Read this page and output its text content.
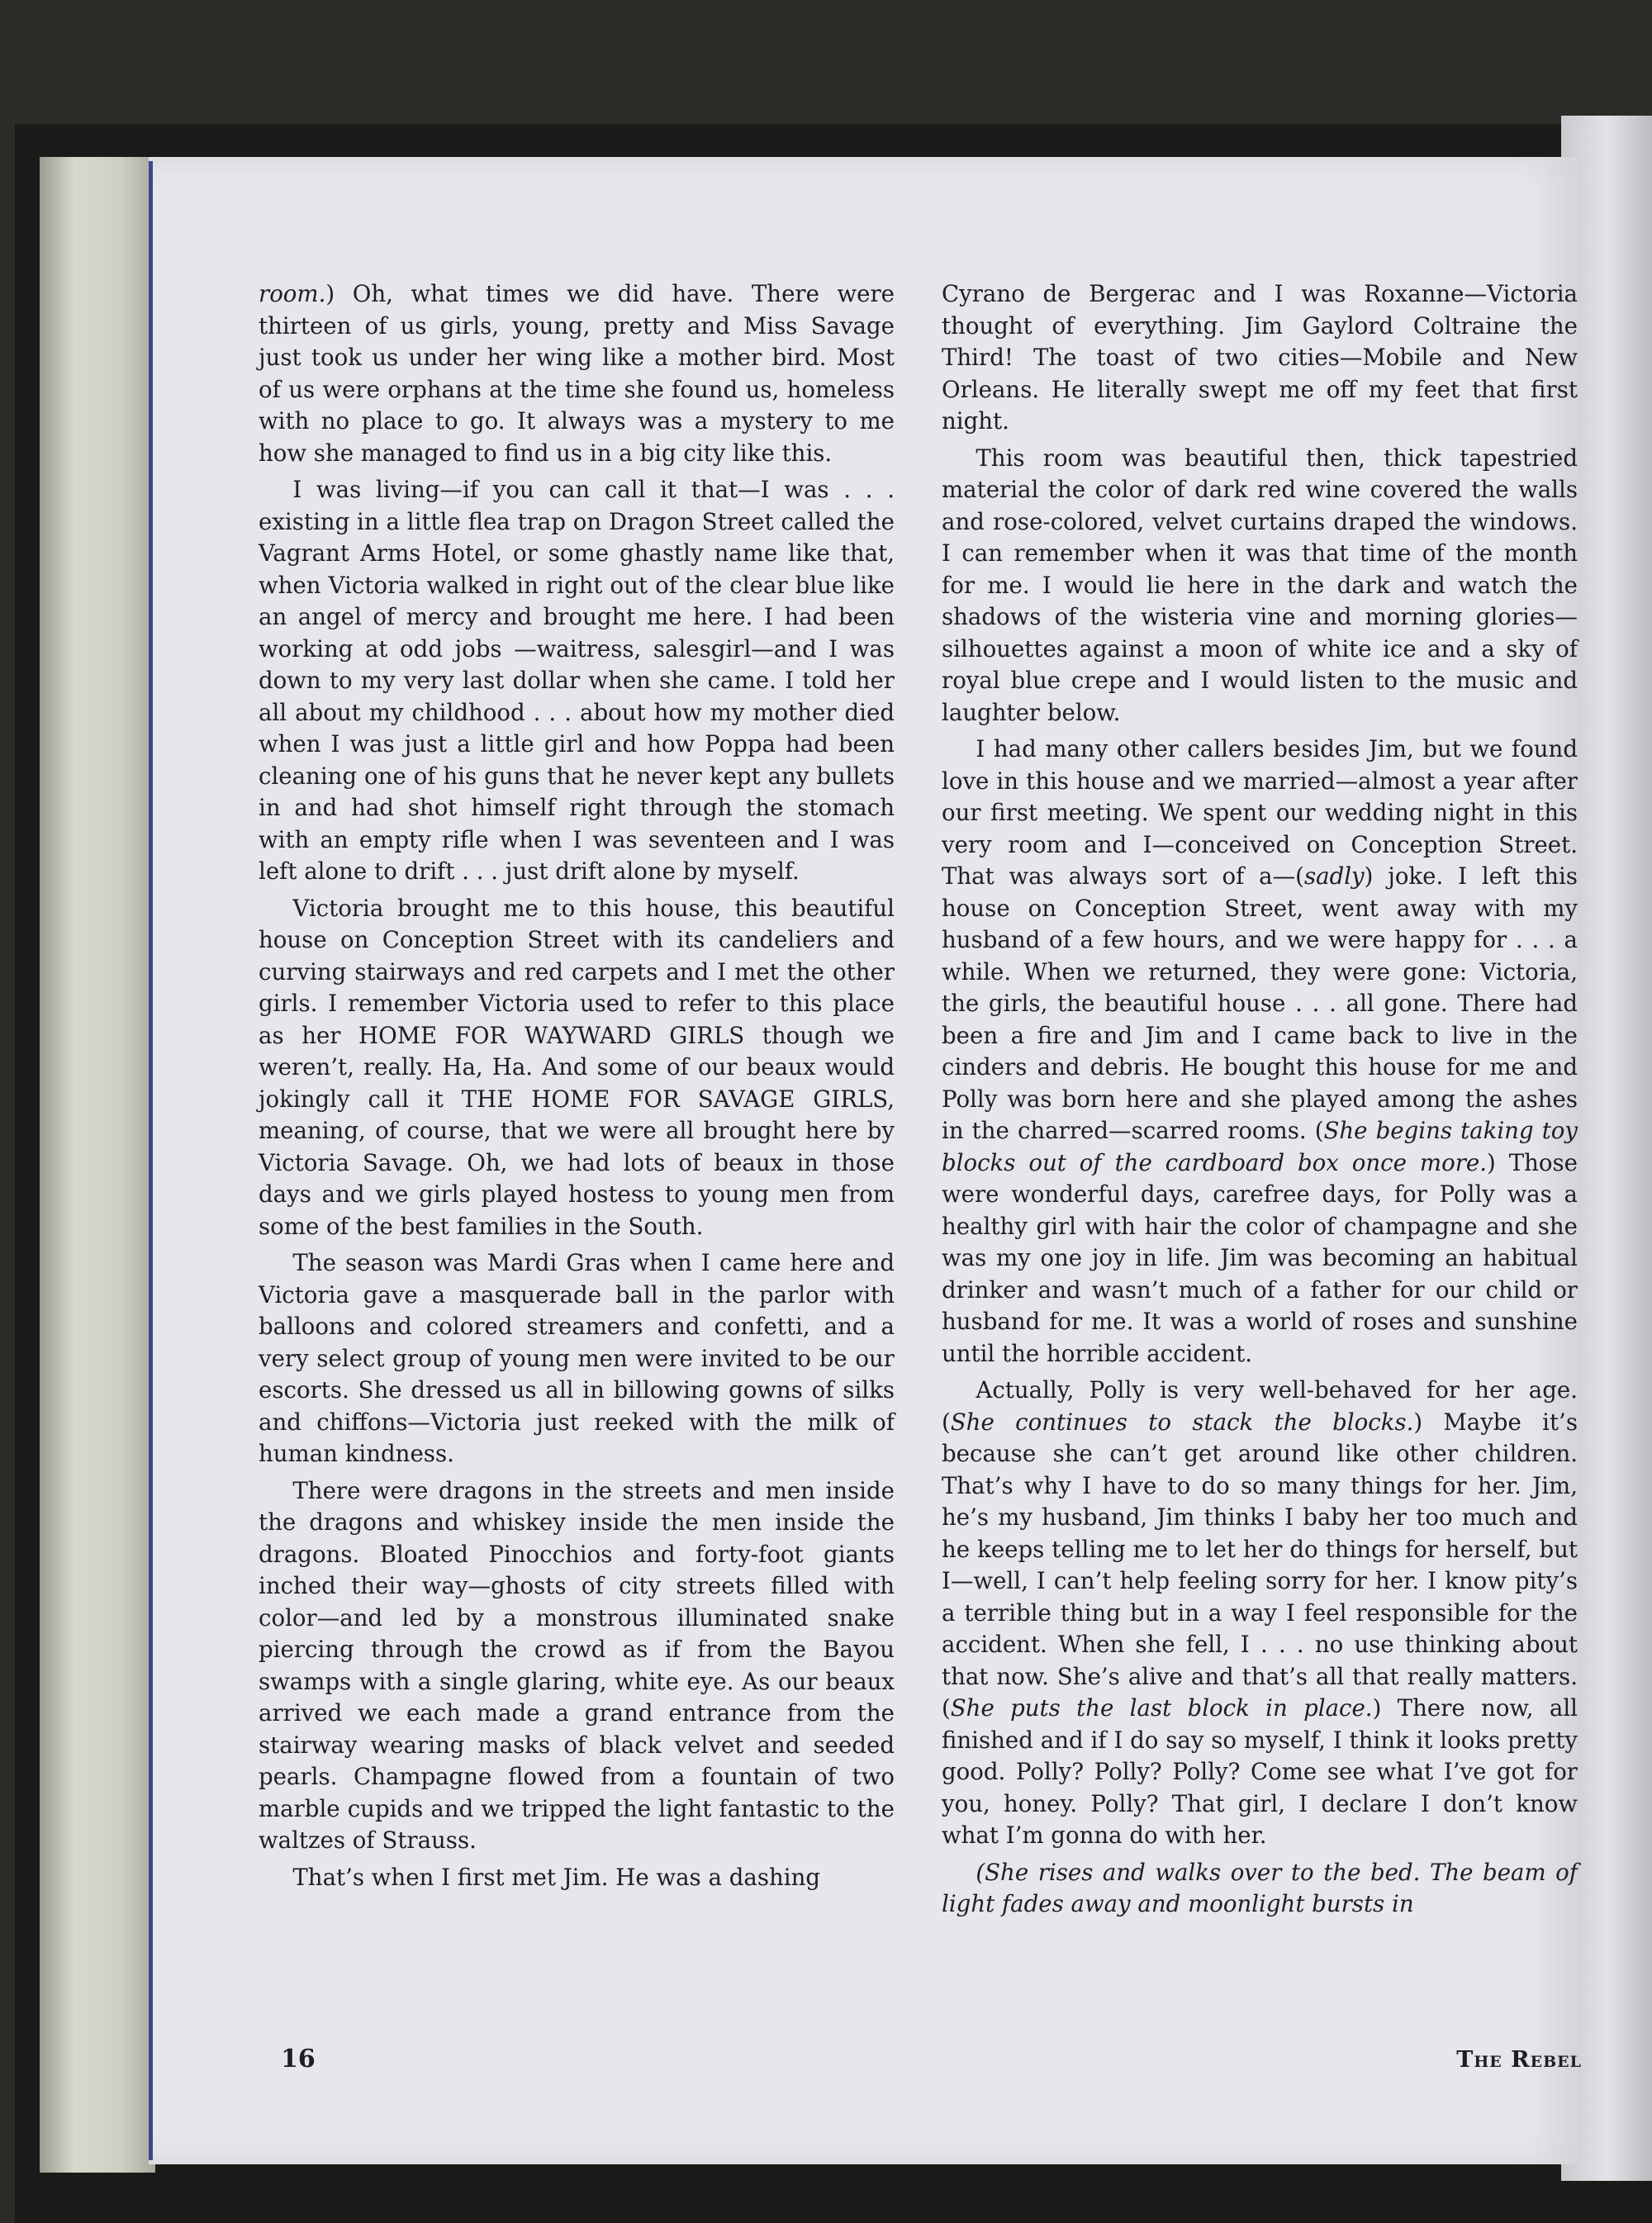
room.) Oh, what times we did have. There were thirteen of us girls, young, pretty and Miss Savage just took us under her wing like a mother bird. Most of us were orphans at the time she found us, homeless with no place to go. It always was a mystery to me how she managed to find us in a big city like this.

I was living—if you can call it that—I was . . . existing in a little flea trap on Dragon Street called the Vagrant Arms Hotel, or some ghastly name like that, when Victoria walked in right out of the clear blue like an angel of mercy and brought me here. I had been working at odd jobs —waitress, salesgirl—and I was down to my very last dollar when she came. I told her all about my childhood . . . about how my mother died when I was just a little girl and how Poppa had been cleaning one of his guns that he never kept any bullets in and had shot himself right through the stomach with an empty rifle when I was seventeen and I was left alone to drift . . . just drift alone by myself.

Victoria brought me to this house, this beautiful house on Conception Street with its candeliers and curving stairways and red carpets and I met the other girls. I remember Victoria used to refer to this place as her HOME FOR WAYWARD GIRLS though we weren’t, really. Ha, Ha. And some of our beaux would jokingly call it THE HOME FOR SAVAGE GIRLS, meaning, of course, that we were all brought here by Victoria Savage. Oh, we had lots of beaux in those days and we girls played hostess to young men from some of the best families in the South.

The season was Mardi Gras when I came here and Victoria gave a masquerade ball in the parlor with balloons and colored streamers and confetti, and a very select group of young men were invited to be our escorts. She dressed us all in billowing gowns of silks and chiffons—Victoria just reeked with the milk of human kindness.

There were dragons in the streets and men inside the dragons and whiskey inside the men inside the dragons. Bloated Pinocchios and forty-foot giants inched their way—ghosts of city streets filled with color—and led by a monstrous illuminated snake piercing through the crowd as if from the Bayou swamps with a single glaring, white eye. As our beaux arrived we each made a grand entrance from the stairway wearing masks of black velvet and seeded pearls. Champagne flowed from a fountain of two marble cupids and we tripped the light fantastic to the waltzes of Strauss.

That’s when I first met Jim. He was a dashing

Cyrano de Bergerac and I was Roxanne—Victoria thought of everything. Jim Gaylord Coltraine the Third! The toast of two cities—Mobile and New Orleans. He literally swept me off my feet that first night.

This room was beautiful then, thick tapestried material the color of dark red wine covered the walls and rose-colored, velvet curtains draped the windows. I can remember when it was that time of the month for me. I would lie here in the dark and watch the shadows of the wisteria vine and morning glories—silhouettes against a moon of white ice and a sky of royal blue crepe and I would listen to the music and laughter below.

I had many other callers besides Jim, but we found love in this house and we married—almost a year after our first meeting. We spent our wedding night in this very room and I—conceived on Conception Street. That was always sort of a—(sadly) joke. I left this house on Conception Street, went away with my husband of a few hours, and we were happy for . . . a while. When we returned, they were gone: Victoria, the girls, the beautiful house . . . all gone. There had been a fire and Jim and I came back to live in the cinders and debris. He bought this house for me and Polly was born here and she played among the ashes in the charred—scarred rooms. (She begins taking toy blocks out of the cardboard box once more.) Those were wonderful days, carefree days, for Polly was a healthy girl with hair the color of champagne and she was my one joy in life. Jim was becoming an habitual drinker and wasn’t much of a father for our child or husband for me. It was a world of roses and sunshine until the horrible accident.

Actually, Polly is very well-behaved for her age. (She continues to stack the blocks.) Maybe it’s because she can’t get around like other children. That’s why I have to do so many things for her. Jim, he’s my husband, Jim thinks I baby her too much and he keeps telling me to let her do things for herself, but I—well, I can’t help feeling sorry for her. I know pity’s a terrible thing but in a way I feel responsible for the accident. When she fell, I . . . no use thinking about that now. She’s alive and that’s all that really matters. (She puts the last block in place.) There now, all finished and if I do say so myself, I think it looks pretty good. Polly? Polly? Polly? Come see what I’ve got for you, honey. Polly? That girl, I declare I don’t know what I’m gonna do with her.

(She rises and walks over to the bed. The beam of light fades away and moonlight bursts in

16	The Rebel
